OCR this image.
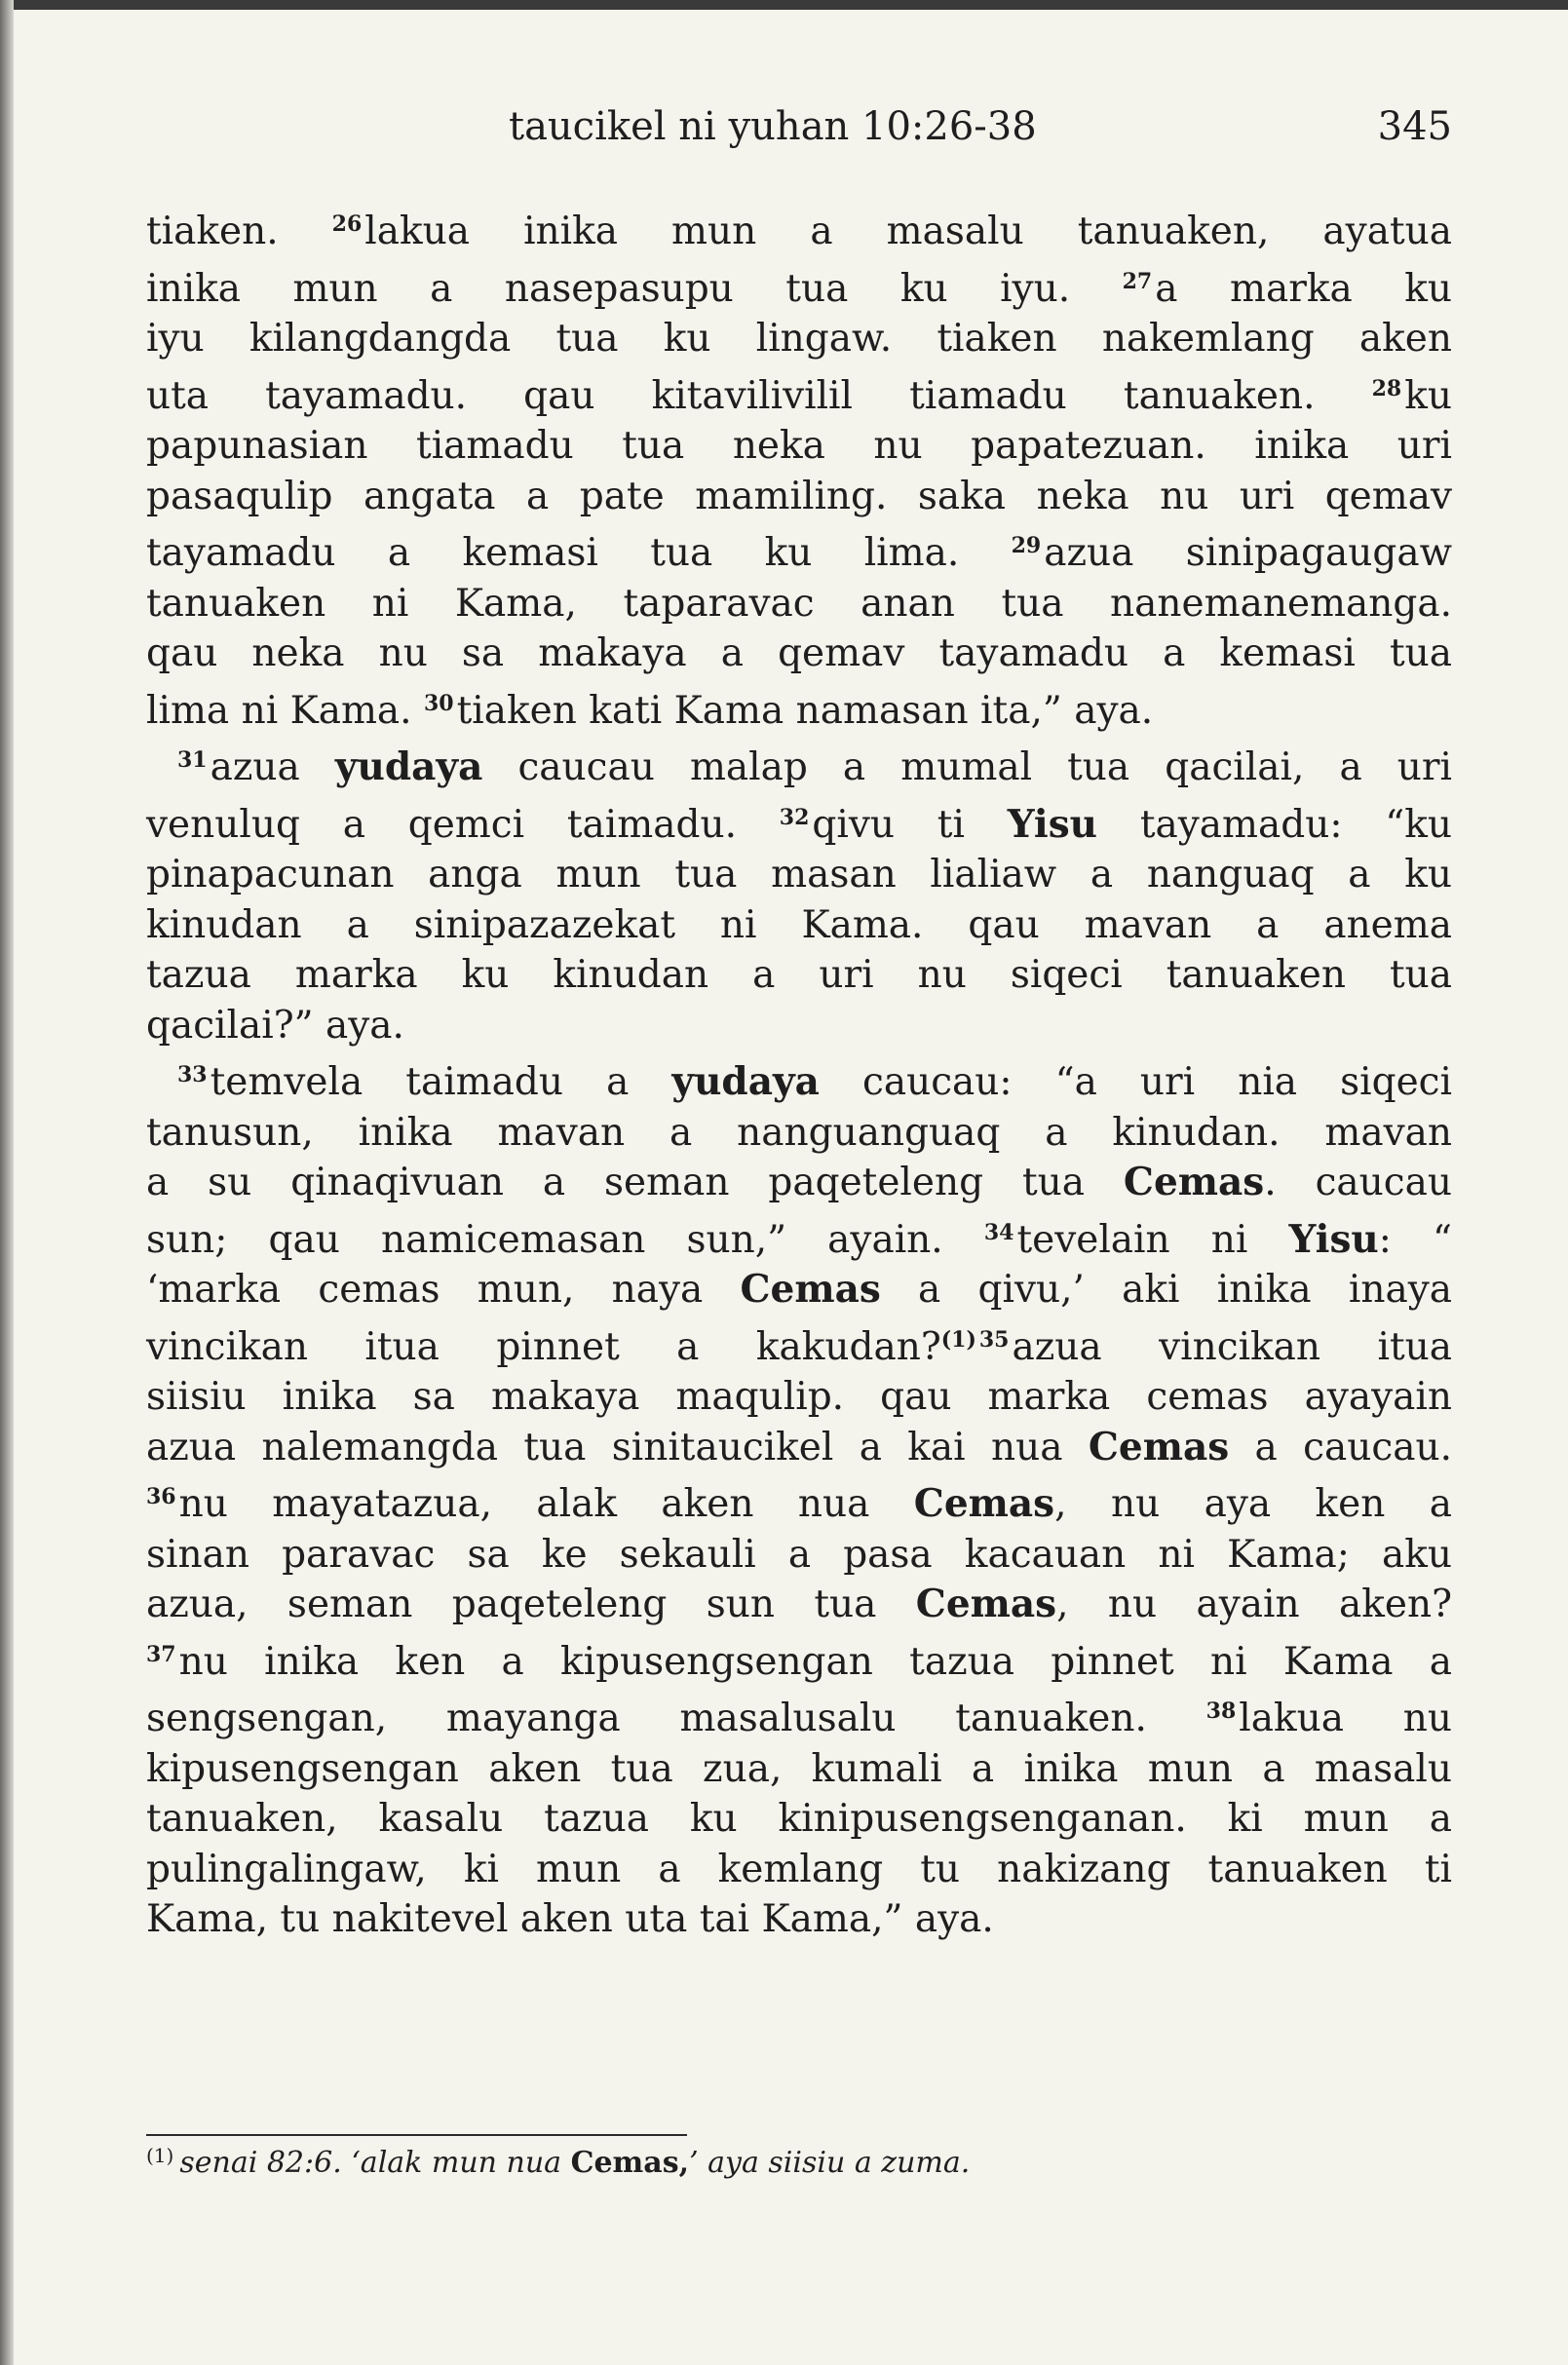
taucikel ni yuhan 10:26-38	345
tiaken. $^{26}$lakua inika mun a masalu tanuaken, ayatua
inika mun a nasepasupu tua ku iyu. $^{27}$a marka ku
iyu kilangdangda tua ku lingaw. tiaken nakemlang aken
uta tayamadu. qau kitavilivilil tiamadu tanuaken. $^{28}$ku
papunasian tiamadu tua neka nu papatezuan. inika uri
pasaqulip angata a pate mamiling. saka neka nu uri qemav
tayamadu a kemasi tua ku lima. $^{29}$azua sinipagaugaw
tanuaken ni Kama, taparavac anan tua nanemanemanga.
qau neka nu sa makaya a qemav tayamadu a kemasi tua
lima ni Kama. $^{30}$tiaken kati Kama namasan ita,” aya.
$^{31}$azua yudaya caucau malap a mumal tua qacilai, a uri
venuluq a qemci taimadu. $^{32}$qivu ti Yisu tayamadu: “ku
pinapacunan anga mun tua masan lialiaw a nanguaq a ku
kinudan a sinipazazekat ni Kama. qau mavan a anema
tazua marka ku kinudan a uri nu siqeci tanuaken tua
qacilai?” aya.
$^{33}$temvela taimadu a yudaya caucau: “a uri nia siqeci
tanusun, inika mavan a nanguanguaq a kinudan. mavan
a su qinaqivuan a seman paqeteleng tua Cemas. caucau
sun; qau namicemasan sun,” ayain. $^{34}$tevelain ni Yisu: “
‘marka cemas mun, naya Cemas a qivu,’ aki inika inaya
vincikan itua pinnet a kakudan?$^{(1)}$ $^{35}$azua vincikan itua
siisiu inika sa makaya maqulip. qau marka cemas ayayain
azua nalemangda tua sinitaucikel a kai nua Cemas a caucau.
$^{36}$nu mayatazua, alak aken nua Cemas, nu aya ken a
sinan paravac sa ke sekauli a pasa kacauan ni Kama; aku
azua, seman paqeteleng sun tua Cemas, nu ayain aken?
$^{37}$nu inika ken a kipusengsengan tazua pinnet ni Kama a
sengsengan, mayanga masalusalu tanuaken. $^{38}$lakua nu
kipusengsengan aken tua zua, kumali a inika mun a masalu
tanuaken, kasalu tazua ku kinipusengsenganan. ki mun a
pulingalingaw, ki mun a kemlang tu nakizang tanuaken ti
Kama, tu nakitevel aken uta tai Kama,” aya.
$^{(1)}$ senai 82:6. ‘alak mun nua Cemas,’ aya siisiu a zuma.
